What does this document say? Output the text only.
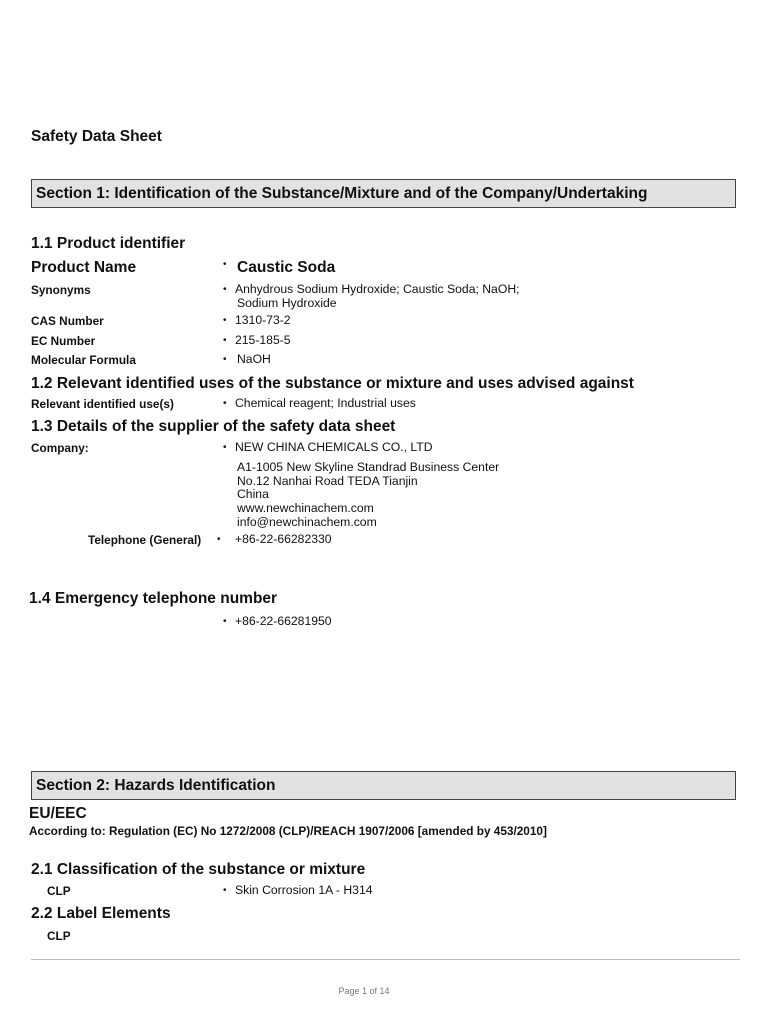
Safety Data Sheet
Section 1: Identification of the Substance/Mixture and of the Company/Undertaking
1.1 Product identifier
Product Name	• Caustic Soda
Synonyms	• Anhydrous Sodium Hydroxide; Caustic Soda; NaOH;
Sodium Hydroxide
CAS Number	• 1310-73-2
EC Number	• 215-185-5
Molecular Formula	• NaOH
1.2 Relevant identified uses of the substance or mixture and uses advised against
Relevant identified use(s)	• Chemical reagent; Industrial uses
1.3 Details of the supplier of the safety data sheet
Company:	• NEW CHINA CHEMICALS CO., LTD
A1-1005 New Skyline Standrad Business Center
No.12 Nanhai Road TEDA Tianjin
China
www.newchinachem.com
info@newchinachem.com
Telephone (General) • +86-22-66282330
1.4 Emergency telephone number
• +86-22-66281950
Section 2: Hazards Identification
EU/EEC
According to: Regulation (EC) No 1272/2008 (CLP)/REACH 1907/2006 [amended by 453/2010]
2.1 Classification of the substance or mixture
CLP	• Skin Corrosion 1A - H314
2.2 Label Elements
CLP
Page 1 of 14
